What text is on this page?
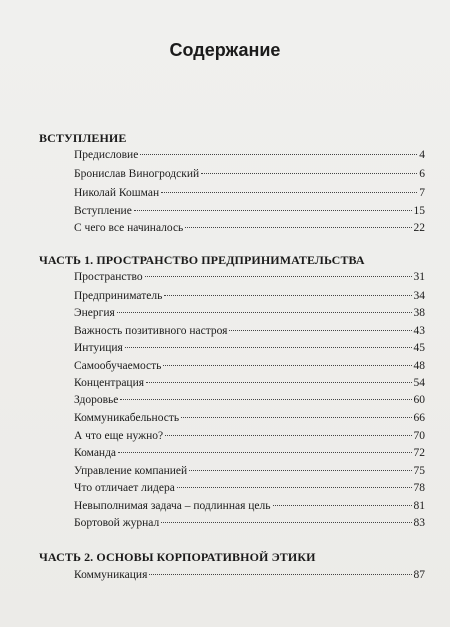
Содержание
ВСТУПЛЕНИЕ
Предисловие	4
Бронислав Виногродский	6
Николай Кошман	7
Вступление	15
С чего все начиналось	22
ЧАСТЬ 1. ПРОСТРАНСТВО ПРЕДПРИНИМАТЕЛЬСТВА
Пространство	31
Предприниматель	34
Энергия	38
Важность позитивного настроя	43
Интуиция	45
Самообучаемость	48
Концентрация	54
Здоровье	60
Коммуникабельность	66
А что еще нужно?	70
Команда	72
Управление компанией	75
Что отличает лидера	78
Невыполнимая задача – подлинная цель	81
Бортовой журнал	83
ЧАСТЬ 2. ОСНОВЫ КОРПОРАТИВНОЙ ЭТИКИ
Коммуникация	87
